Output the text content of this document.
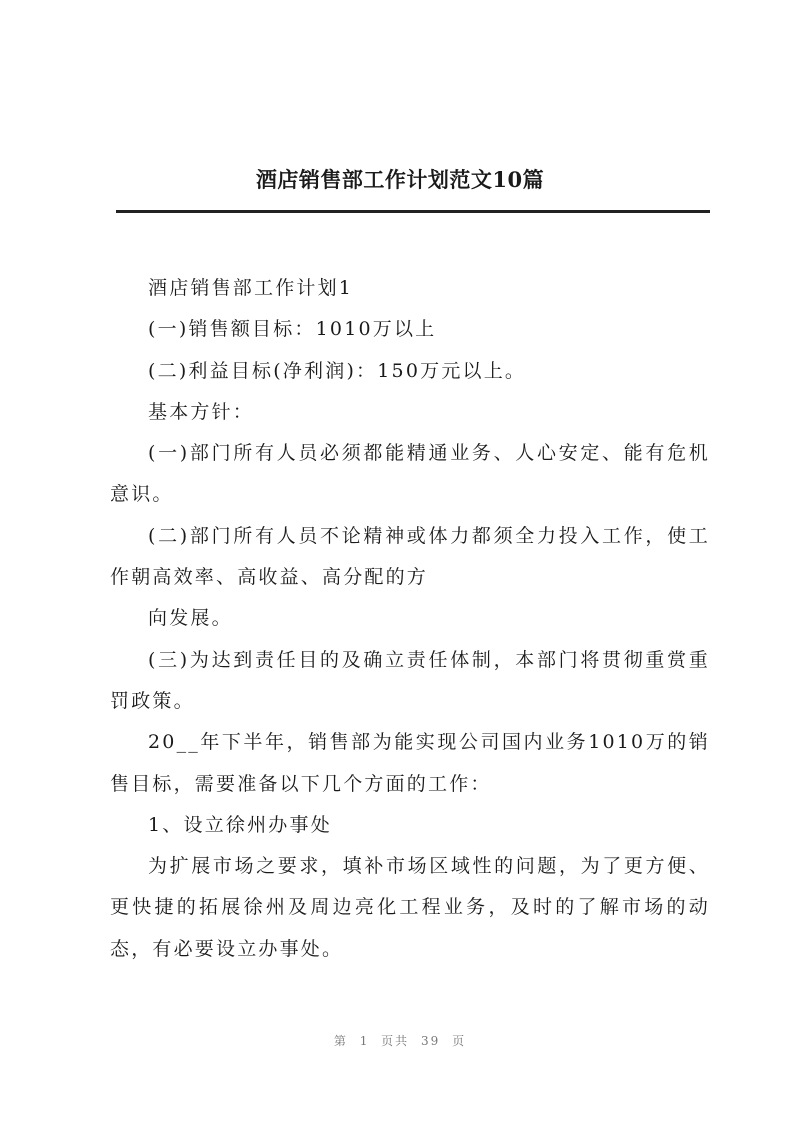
酒店销售部工作计划范文10篇

酒店销售部工作计划1

(一)销售额目标：1010万以上

(二)利益目标(净利润)：150万元以上。

基本方针：

(一)部门所有人员必须都能精通业务、人心安定、能有危机意识。

(二)部门所有人员不论精神或体力都须全力投入工作，使工作朝高效率、高收益、高分配的方

向发展。

(三)为达到责任目的及确立责任体制，本部门将贯彻重赏重罚政策。

20__年下半年，销售部为能实现公司国内业务1010万的销售目标，需要准备以下几个方面的工作：

1、设立徐州办事处

为扩展市场之要求，填补市场区域性的问题，为了更方便、更快捷的拓展徐州及周边亮化工程业务，及时的了解市场的动态，有必要设立办事处。

第 1 页共 39 页
